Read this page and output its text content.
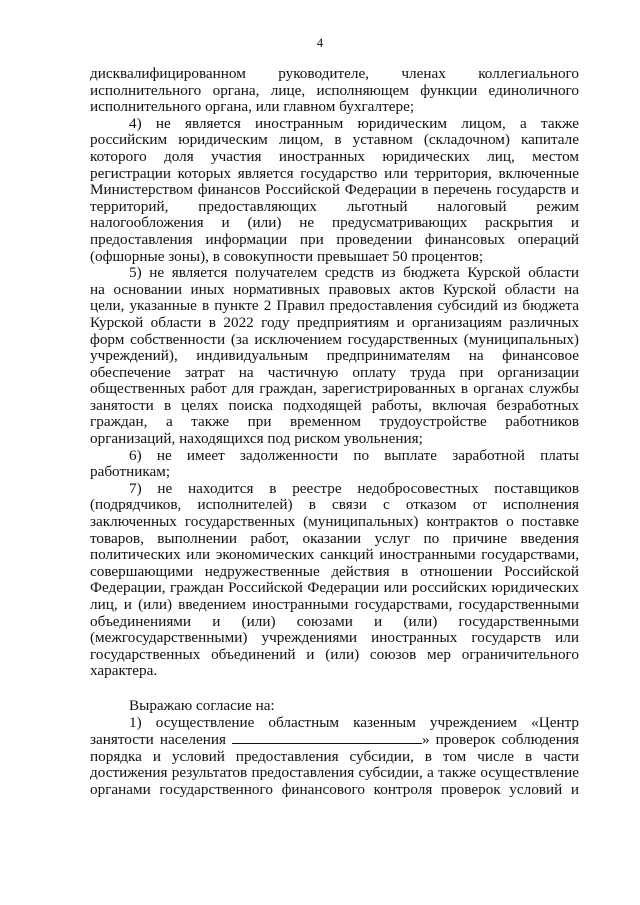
4

дисквалифицированном руководителе, членах коллегиального

исполнительного органа, лице, исполняющем функции единоличного

исполнительного органа, или главном бухгалтере;

4) не является иностранным юридическим лицом, а также

российским юридическим лицом, в уставном (складочном) капитале

которого доля участия иностранных юридических лиц, местом

регистрации которых является государство или территория, включенные

Министерством финансов Российской Федерации в перечень государств и

территорий, предоставляющих льготный налоговый режим

налогообложения и (или) не предусматривающих раскрытия и

предоставления информации при проведении финансовых операций

(офшорные зоны), в совокупности превышает 50 процентов;

5) не является получателем средств из бюджета Курской области

на основании иных нормативных правовых актов Курской области на

цели, указанные в пункте 2 Правил предоставления субсидий из бюджета

Курской области в 2022 году предприятиям и организациям различных

форм собственности (за исключением государственных (муниципальных)

учреждений), индивидуальным предпринимателям на финансовое

обеспечение затрат на частичную оплату труда при организации

общественных работ для граждан, зарегистрированных в органах службы

занятости в целях поиска подходящей работы, включая безработных

граждан, а также при временном трудоустройстве работников

организаций, находящихся под риском увольнения;

6) не имеет задолженности по выплате заработной платы

работникам;

7) не находится в реестре недобросовестных поставщиков

(подрядчиков, исполнителей) в связи с отказом от исполнения

заключенных государственных (муниципальных) контрактов о поставке

товаров, выполнении работ, оказании услуг по причине введения

политических или экономических санкций иностранными государствами,

совершающими недружественные действия в отношении Российской

Федерации, граждан Российской Федерации или российских юридических

лиц, и (или) введением иностранными государствами, государственными

объединениями и (или) союзами и (или) государственными

(межгосударственными) учреждениями иностранных государств или

государственных объединений и (или) союзов мер ограничительного

характера.

Выражаю согласие на:

1) осуществление областным казенным учреждением «Центр

занятости населения	» проверок соблюдения

порядка и условий предоставления субсидии, в том числе в части

достижения результатов предоставления субсидии, а также осуществление

органами государственного финансового контроля проверок условий и
